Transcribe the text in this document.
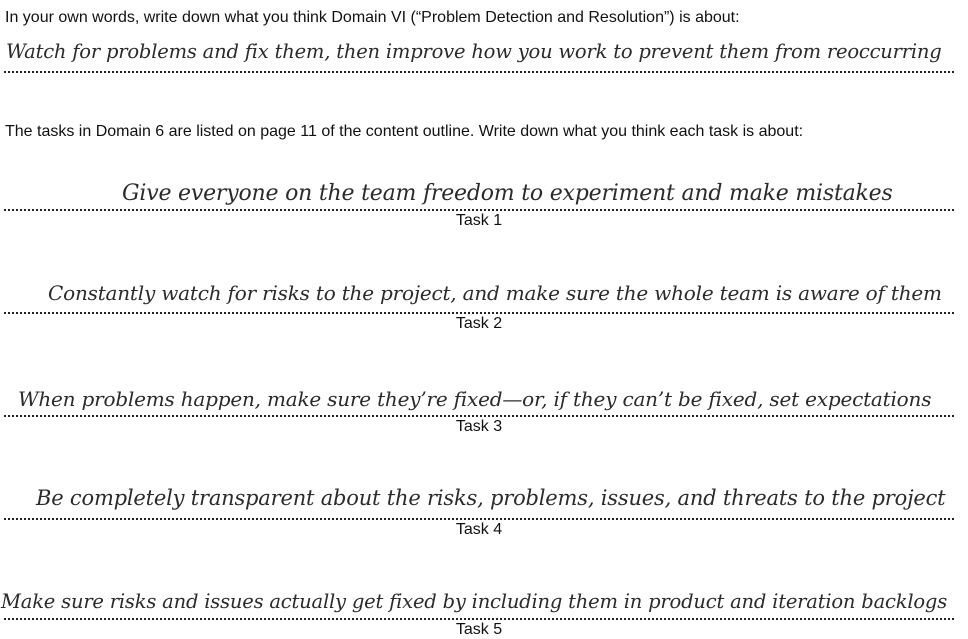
In your own words, write down what you think Domain VI (“Problem Detection and Resolution”) is about:
Watch for problems and fix them, then improve how you work to prevent them from reoccurring
The tasks in Domain 6 are listed on page 11 of the content outline. Write down what you think each task is about:
Give everyone on the team freedom to experiment and make mistakes
Task 1
Constantly watch for risks to the project, and make sure the whole team is aware of them
Task 2
When problems happen, make sure they’re fixed—or, if they can’t be fixed, set expectations
Task 3
Be completely transparent about the risks, problems, issues, and threats to the project
Task 4
Make sure risks and issues actually get fixed by including them in product and iteration backlogs
Task 5
